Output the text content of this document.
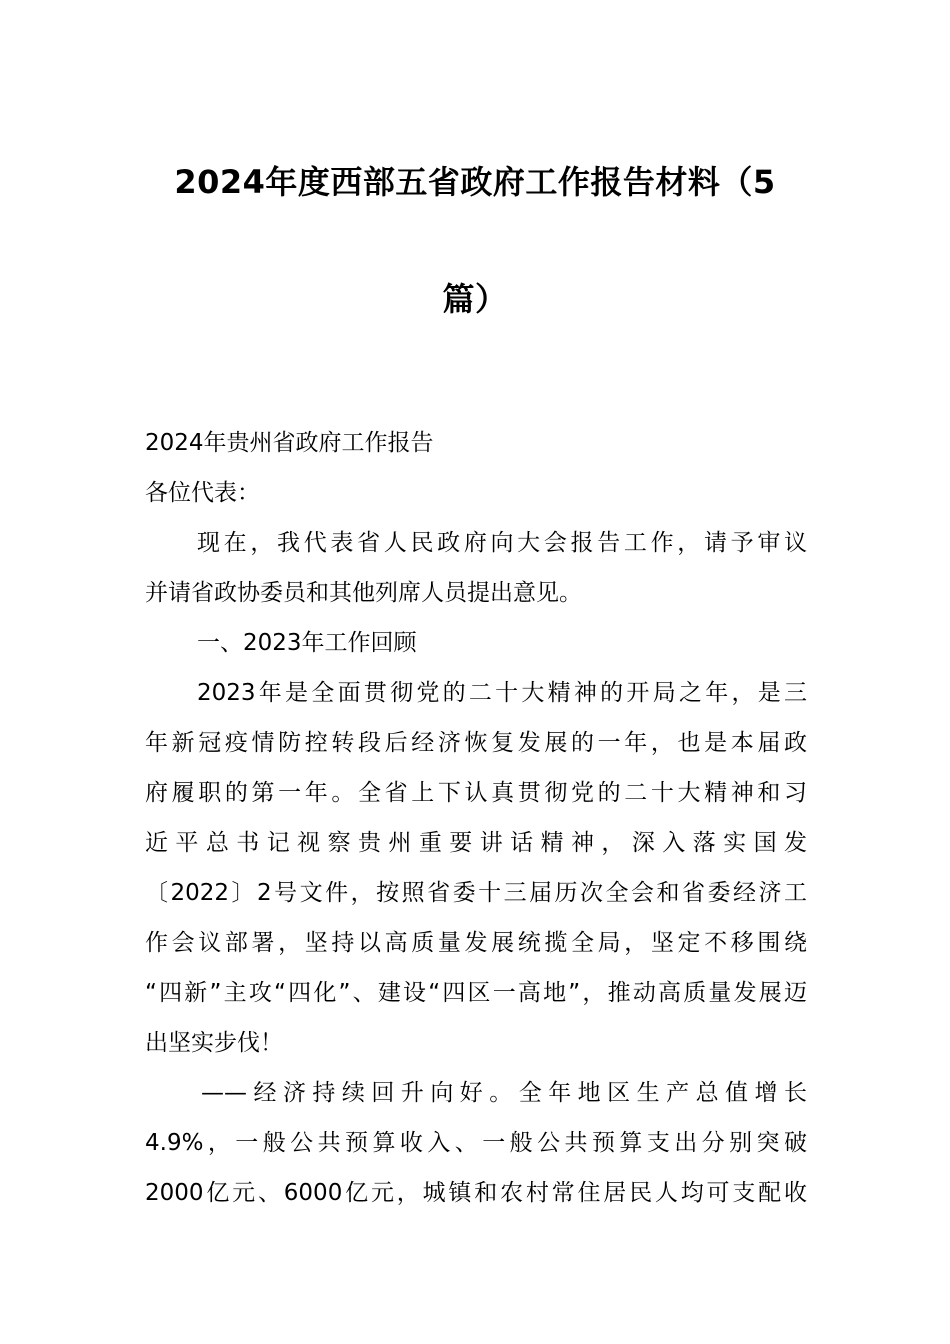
2024年度西部五省政府工作报告材料（5
篇）
2024年贵州省政府工作报告
各位代表：
现在，我代表省人民政府向大会报告工作，请予审议
并请省政协委员和其他列席人员提出意见。
一、2023年工作回顾
2023年是全面贯彻党的二十大精神的开局之年，是三
年新冠疫情防控转段后经济恢复发展的一年，也是本届政
府履职的第一年。全省上下认真贯彻党的二十大精神和习
近平总书记视察贵州重要讲话精神，深入落实国发
〔2022〕2号文件，按照省委十三届历次全会和省委经济工
作会议部署，坚持以高质量发展统揽全局，坚定不移围绕
“四新”主攻“四化”、建设“四区一高地”，推动高质量发展迈
出坚实步伐！
——经济持续回升向好。全年地区生产总值增长
4.9%，一般公共预算收入、一般公共预算支出分别突破
2000亿元、6000亿元，城镇和农村常住居民人均可支配收
